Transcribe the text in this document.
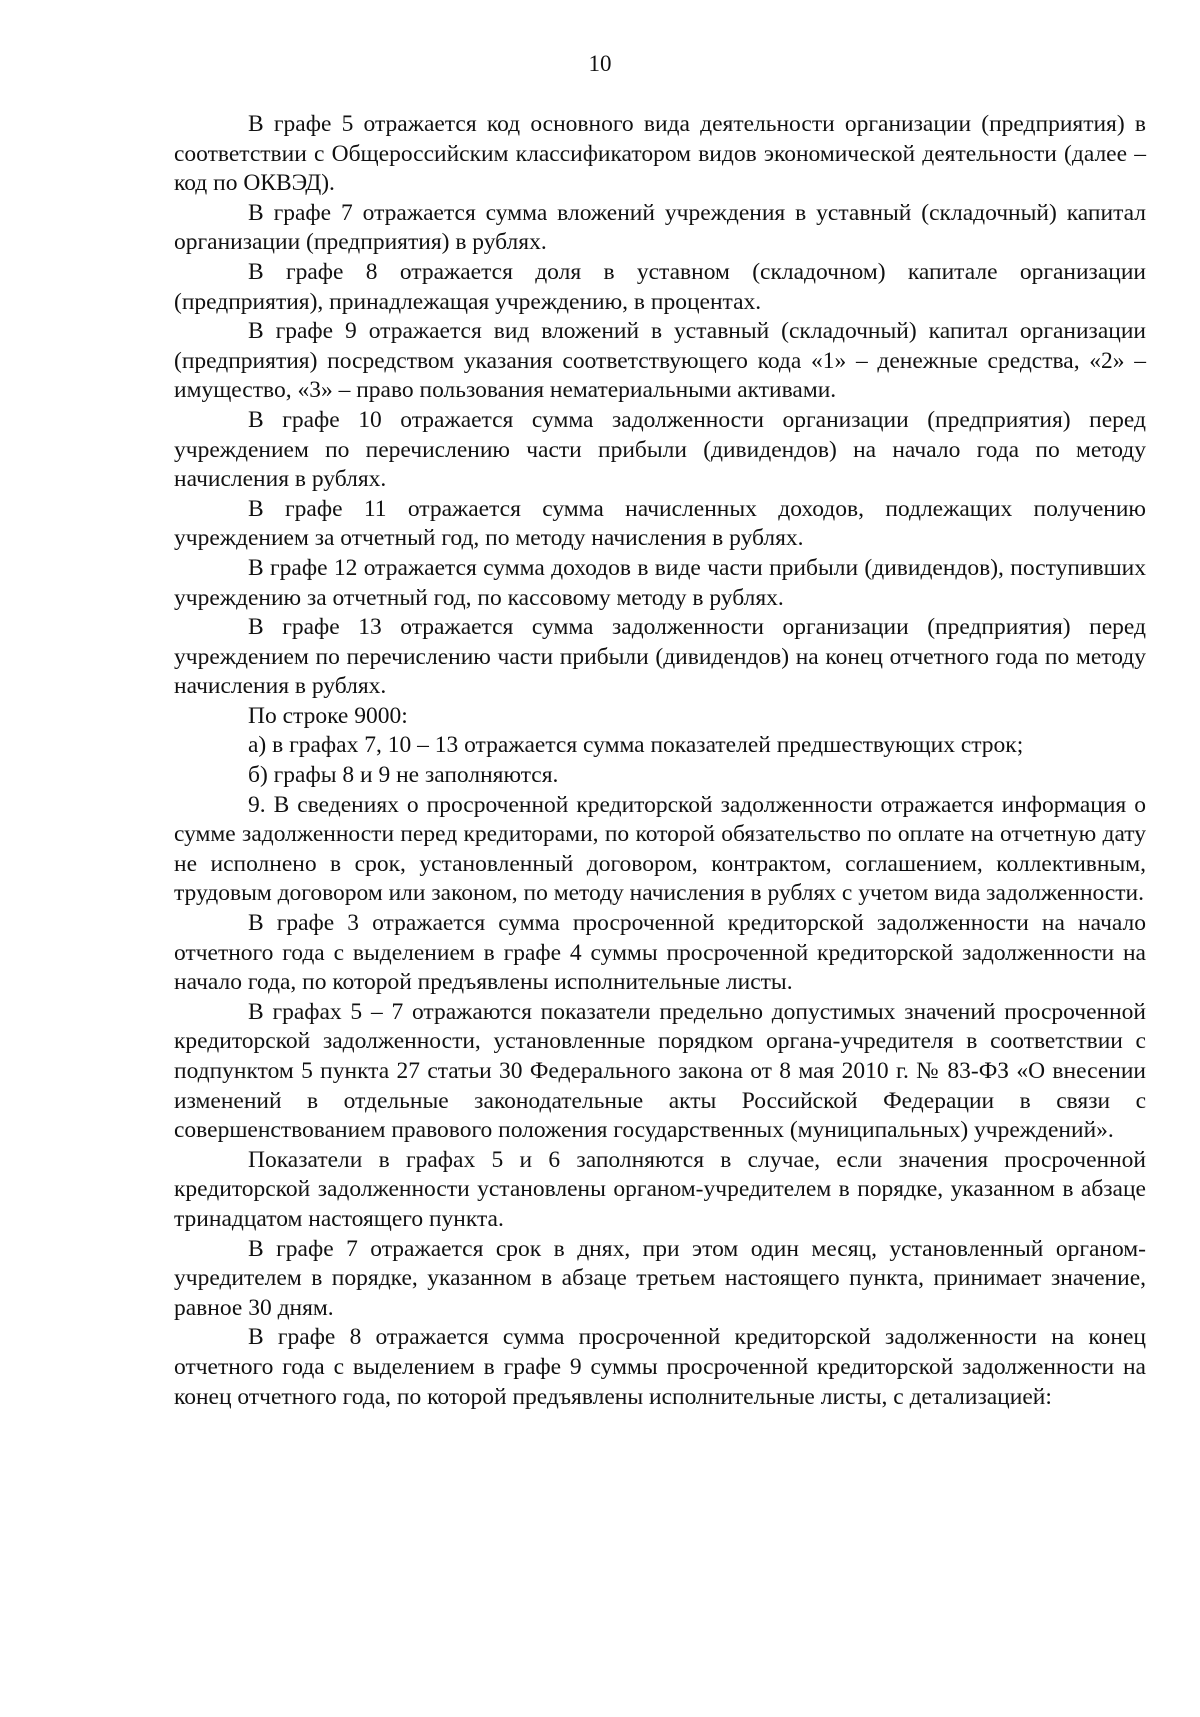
10

В графе 5 отражается код основного вида деятельности организации (предприятия) в соответствии с Общероссийским классификатором видов экономической деятельности (далее – код по ОКВЭД).

В графе 7 отражается сумма вложений учреждения в уставный (складочный) капитал организации (предприятия) в рублях.

В графе 8 отражается доля в уставном (складочном) капитале организации (предприятия), принадлежащая учреждению, в процентах.

В графе 9 отражается вид вложений в уставный (складочный) капитал организации (предприятия) посредством указания соответствующего кода «1» – денежные средства, «2» – имущество, «3» – право пользования нематериальными активами.

В графе 10 отражается сумма задолженности организации (предприятия) перед учреждением по перечислению части прибыли (дивидендов) на начало года по методу начисления в рублях.

В графе 11 отражается сумма начисленных доходов, подлежащих получению учреждением за отчетный год, по методу начисления в рублях.

В графе 12 отражается сумма доходов в виде части прибыли (дивидендов), поступивших учреждению за отчетный год, по кассовому методу в рублях.

В графе 13 отражается сумма задолженности организации (предприятия) перед учреждением по перечислению части прибыли (дивидендов) на конец отчетного года по методу начисления в рублях.

По строке 9000:

а) в графах 7, 10 – 13 отражается сумма показателей предшествующих строк;

б) графы 8 и 9 не заполняются.

9. В сведениях о просроченной кредиторской задолженности отражается информация о сумме задолженности перед кредиторами, по которой обязательство по оплате на отчетную дату не исполнено в срок, установленный договором, контрактом, соглашением, коллективным, трудовым договором или законом, по методу начисления в рублях с учетом вида задолженности.

В графе 3 отражается сумма просроченной кредиторской задолженности на начало отчетного года с выделением в графе 4 суммы просроченной кредиторской задолженности на начало года, по которой предъявлены исполнительные листы.

В графах 5 – 7 отражаются показатели предельно допустимых значений просроченной кредиторской задолженности, установленные порядком органа-учредителя в соответствии с подпунктом 5 пункта 27 статьи 30 Федерального закона от 8 мая 2010 г. № 83-ФЗ «О внесении изменений в отдельные законодательные акты Российской Федерации в связи с совершенствованием правового положения государственных (муниципальных) учреждений».

Показатели в графах 5 и 6 заполняются в случае, если значения просроченной кредиторской задолженности установлены органом-учредителем в порядке, указанном в абзаце тринадцатом настоящего пункта.

В графе 7 отражается срок в днях, при этом один месяц, установленный органом-учредителем в порядке, указанном в абзаце третьем настоящего пункта, принимает значение, равное 30 дням.

В графе 8 отражается сумма просроченной кредиторской задолженности на конец отчетного года с выделением в графе 9 суммы просроченной кредиторской задолженности на конец отчетного года, по которой предъявлены исполнительные листы, с детализацией:
